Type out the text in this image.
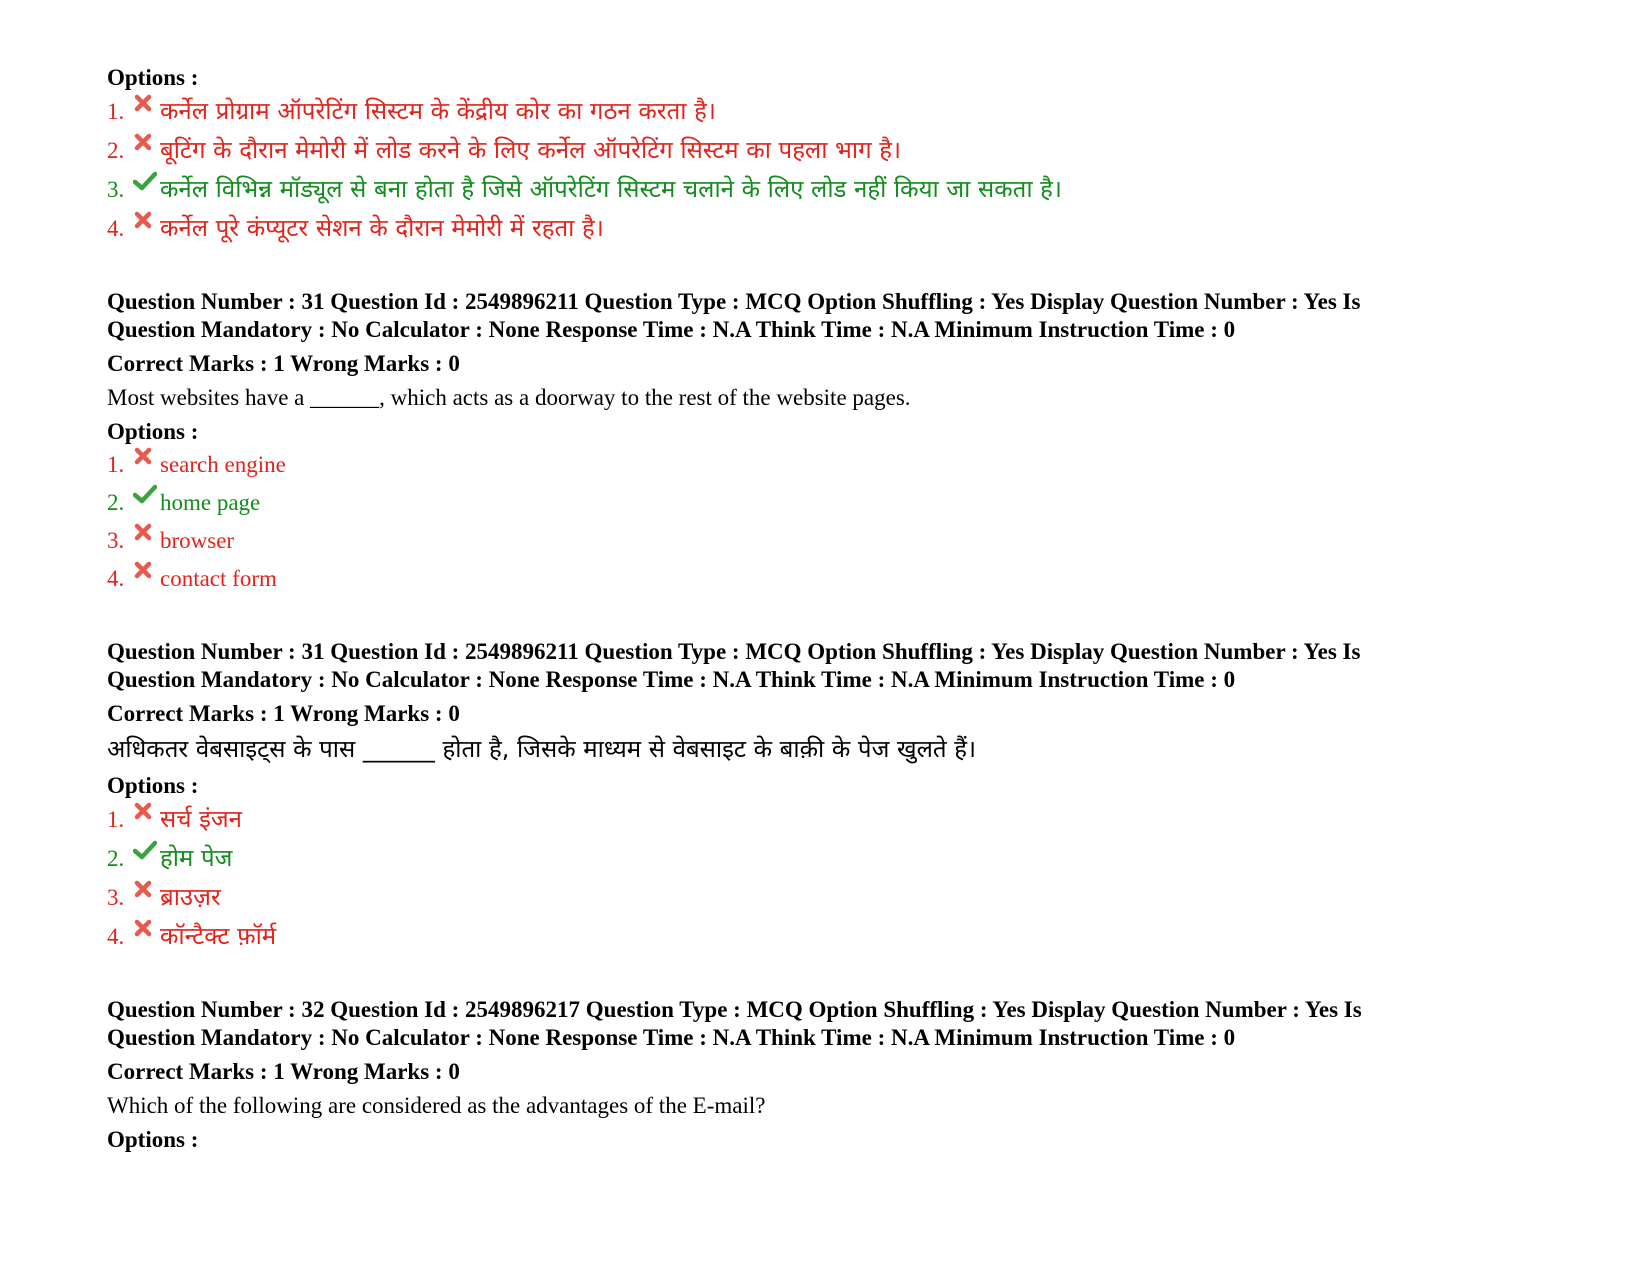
Options :
1.	कर्नेल प्रोग्राम ऑपरेटिंग सिस्टम के केंद्रीय कोर का गठन करता है।
2.	बूटिंग के दौरान मेमोरी में लोड करने के लिए कर्नेल ऑपरेटिंग सिस्टम का पहला भाग है।
3.	कर्नेल विभिन्न मॉड्यूल से बना होता है जिसे ऑपरेटिंग सिस्टम चलाने के लिए लोड नहीं किया जा सकता है।
4.	कर्नेल पूरे कंप्यूटर सेशन के दौरान मेमोरी में रहता है।
Question Number : 31 Question Id : 2549896211 Question Type : MCQ Option Shuffling : Yes Display Question Number : Yes Is
Question Mandatory : No Calculator : None Response Time : N.A Think Time : N.A Minimum Instruction Time : 0
Correct Marks : 1 Wrong Marks : 0
Most websites have a ______, which acts as a doorway to the rest of the website pages.
Options :
1.	search engine
2.	home page
3.	browser
4.	contact form
Question Number : 31 Question Id : 2549896211 Question Type : MCQ Option Shuffling : Yes Display Question Number : Yes Is
Question Mandatory : No Calculator : None Response Time : N.A Think Time : N.A Minimum Instruction Time : 0
Correct Marks : 1 Wrong Marks : 0
अधिकतर वेबसाइट्स के पास ______ होता है, जिसके माध्यम से वेबसाइट के बाक़ी के पेज खुलते हैं।
Options :
1.	सर्च इंजन
2.	होम पेज
3.	ब्राउज़र
4.	कॉन्टैक्ट फ़ॉर्म
Question Number : 32 Question Id : 2549896217 Question Type : MCQ Option Shuffling : Yes Display Question Number : Yes Is
Question Mandatory : No Calculator : None Response Time : N.A Think Time : N.A Minimum Instruction Time : 0
Correct Marks : 1 Wrong Marks : 0
Which of the following are considered as the advantages of the E-mail?
Options :
